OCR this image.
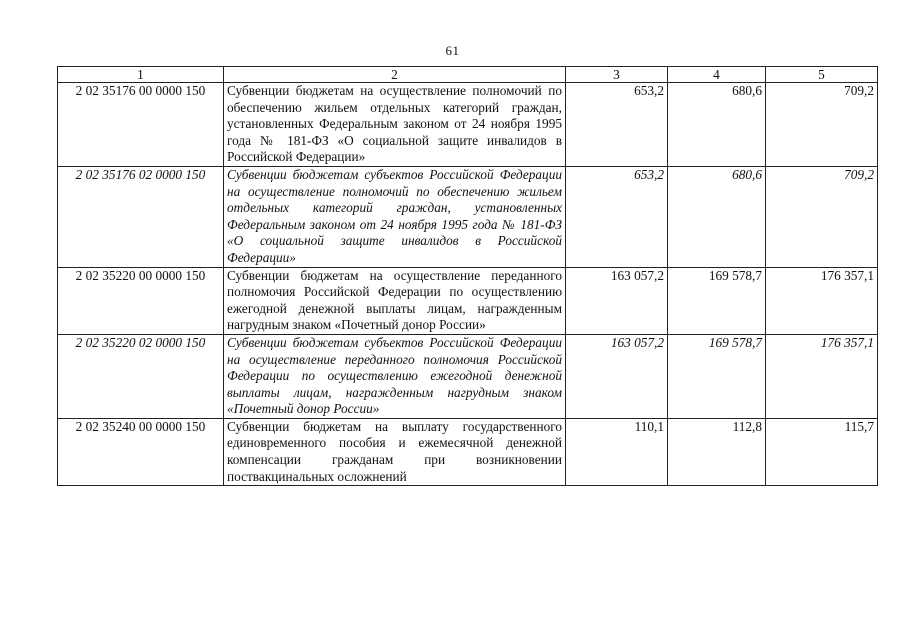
61
1	2	3	4	5
2 02 35176 00 0000 150	Субвенции бюджетам на осуществление полномочий по обеспечению жильем отдельных категорий граждан, установленных Федеральным законом от 24 ноября 1995 года № 181-ФЗ «О социальной защите инвалидов в Российской Федерации»	653,2	680,6	709,2
2 02 35176 02 0000 150	Субвенции бюджетам субъектов Российской Федерации на осуществление полномочий по обеспечению жильем отдельных категорий граждан, установленных Федеральным законом от 24 ноября 1995 года № 181-ФЗ «О социальной защите инвалидов в Российской Федерации»	653,2	680,6	709,2
2 02 35220 00 0000 150	Субвенции бюджетам на осуществление переданного полномочия Российской Федерации по осуществлению ежегодной денежной выплаты лицам, награжденным нагрудным знаком «Почетный донор России»	163 057,2	169 578,7	176 357,1
2 02 35220 02 0000 150	Субвенции бюджетам субъектов Российской Федерации на осуществление переданного полномочия Российской Федерации по осуществлению ежегодной денежной выплаты лицам, награжденным нагрудным знаком «Почетный донор России»	163 057,2	169 578,7	176 357,1
2 02 35240 00 0000 150	Субвенции бюджетам на выплату государственного единовременного пособия и ежемесячной денежной компенсации гражданам при возникновении поствакцинальных осложнений	110,1	112,8	115,7
